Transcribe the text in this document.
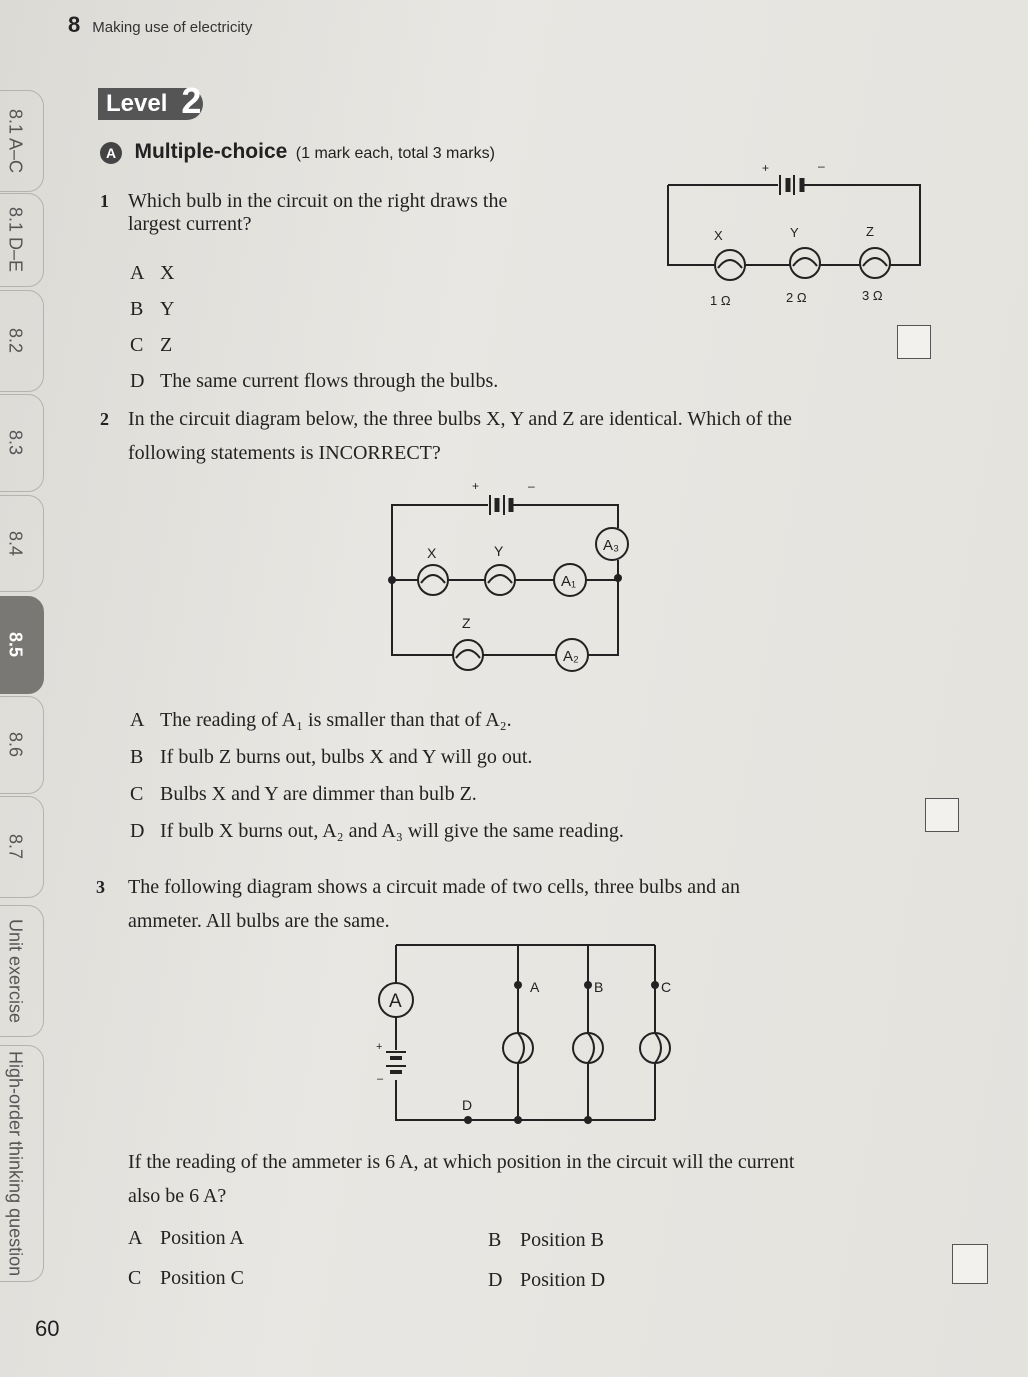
8 Making use of electricity
8.1 A–C
8.1 D–E
8.2
8.3
8.4
8.5
8.6
8.7
Unit exercise
High-order thinking question
60
Level 2
A Multiple-choice (1 mark each, total 3 marks)
1 Which bulb in the circuit on the right draws the
largest current?
A X
B Y
C Z
D The same current flows through the bulbs.
+	–
X	Y	Z
1 Ω	2 Ω	3 Ω
2 In the circuit diagram below, the three bulbs X, Y and Z are identical. Which of the
following statements is INCORRECT?
+	–
X	Y
Z
A₁
A₂
A₃
A The reading of A₁ is smaller than that of A₂.
B If bulb Z burns out, bulbs X and Y will go out.
C Bulbs X and Y are dimmer than bulb Z.
D If bulb X burns out, A₂ and A₃ will give the same reading.
3 The following diagram shows a circuit made of two cells, three bulbs and an
ammeter. All bulbs are the same.
A
+
–
A	B	C
D
If the reading of the ammeter is 6 A, at which position in the circuit will the current
also be 6 A?
A Position A
C Position C
B Position B
D Position D
